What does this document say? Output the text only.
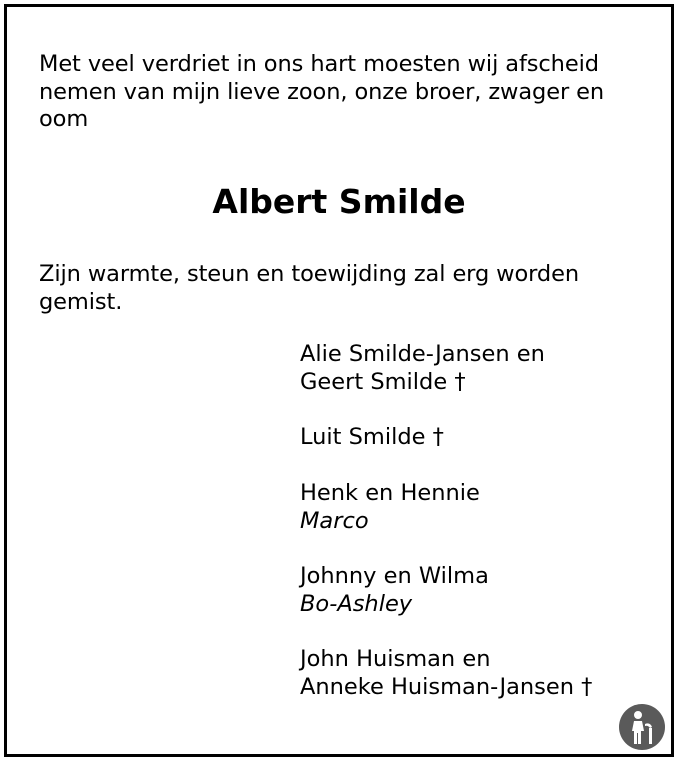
Met veel verdriet in ons hart moesten wij afscheid nemen van mijn lieve zoon, onze broer, zwager en oom
Albert Smilde
Zijn warmte, steun en toewijding zal erg worden gemist.
Alie Smilde-Jansen en
Geert Smilde †
Luit Smilde †
Henk en Hennie
Marco
Johnny en Wilma
Bo-Ashley
John Huisman en
Anneke Huisman-Jansen †
